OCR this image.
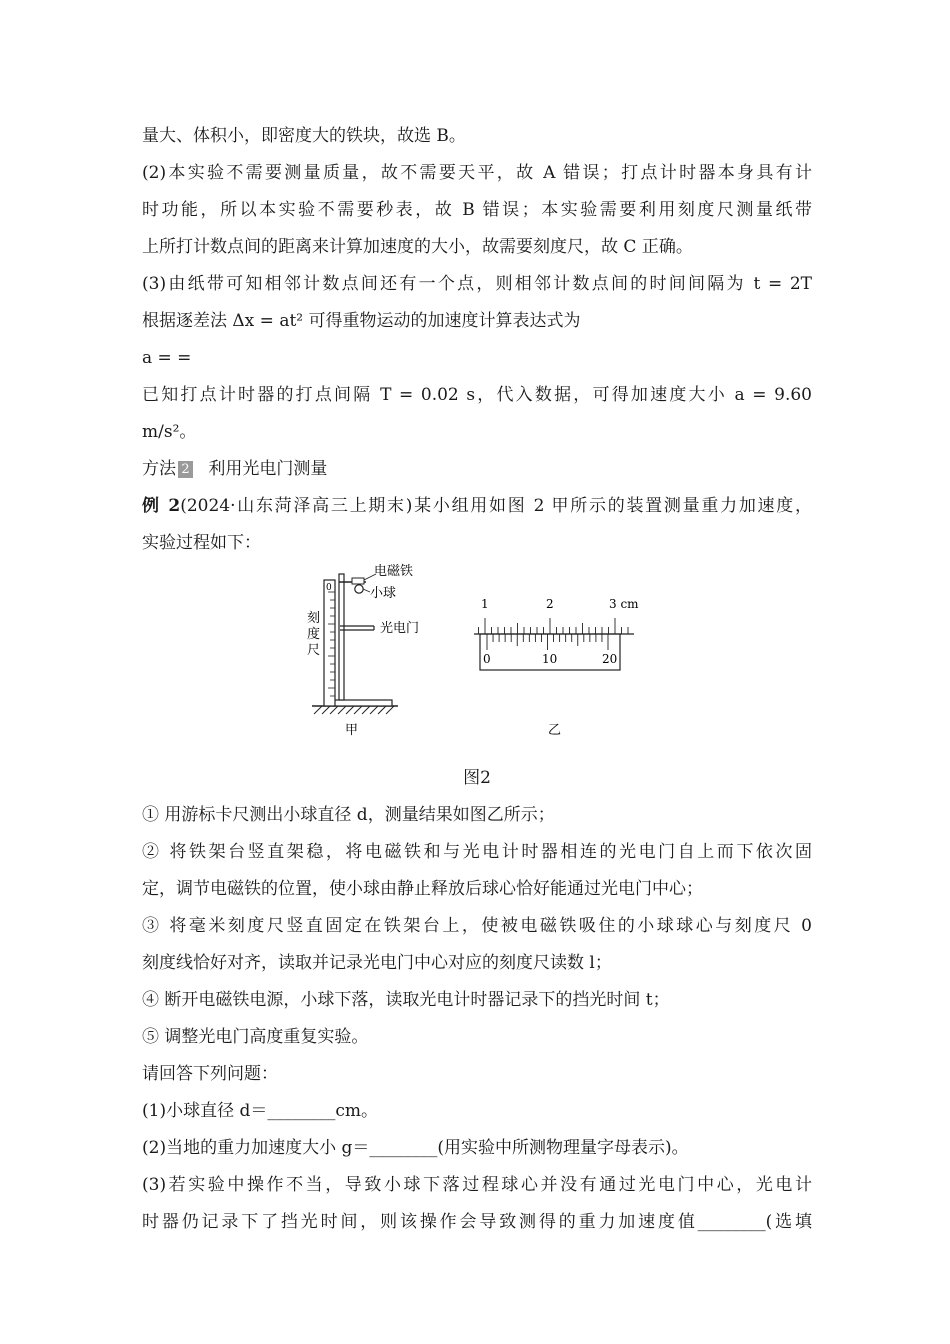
量大、体积小，即密度大的铁块，故选 B。
(2)本实验不需要测量质量，故不需要天平，故 A 错误；打点计时器本身具有计
时功能，所以本实验不需要秒表，故 B 错误；本实验需要利用刻度尺测量纸带
上所打计数点间的距离来计算加速度的大小，故需要刻度尺，故 C 正确。
(3)由纸带可知相邻计数点间还有一个点，则相邻计数点间的时间间隔为 t = 2T
根据逐差法 Δx = at² 可得重物运动的加速度计算表达式为
a = =
已知打点计时器的打点间隔 T = 0.02 s，代入数据，可得加速度大小 a = 9.60
m/s²。
方法 2 利用光电门测量
例 2(2024·山东菏泽高三上期末)某小组用如图 2 甲所示的装置测量重力加速度，
实验过程如下：
0
电磁铁
小球
光电门
刻
度
尺
甲
1	2	3 cm
0	10	20
乙
图2
① 用游标卡尺测出小球直径 d，测量结果如图乙所示；
② 将铁架台竖直架稳，将电磁铁和与光电计时器相连的光电门自上而下依次固
定，调节电磁铁的位置，使小球由静止释放后球心恰好能通过光电门中心；
③ 将毫米刻度尺竖直固定在铁架台上，使被电磁铁吸住的小球球心与刻度尺 0
刻度线恰好对齐，读取并记录光电门中心对应的刻度尺读数 l；
④ 断开电磁铁电源，小球下落，读取光电计时器记录下的挡光时间 t；
⑤ 调整光电门高度重复实验。
请回答下列问题：
(1)小球直径 d＝________cm。
(2)当地的重力加速度大小 g＝________(用实验中所测物理量字母表示)。
(3)若实验中操作不当，导致小球下落过程球心并没有通过光电门中心，光电计
时器仍记录下了挡光时间，则该操作会导致测得的重力加速度值________(选填
